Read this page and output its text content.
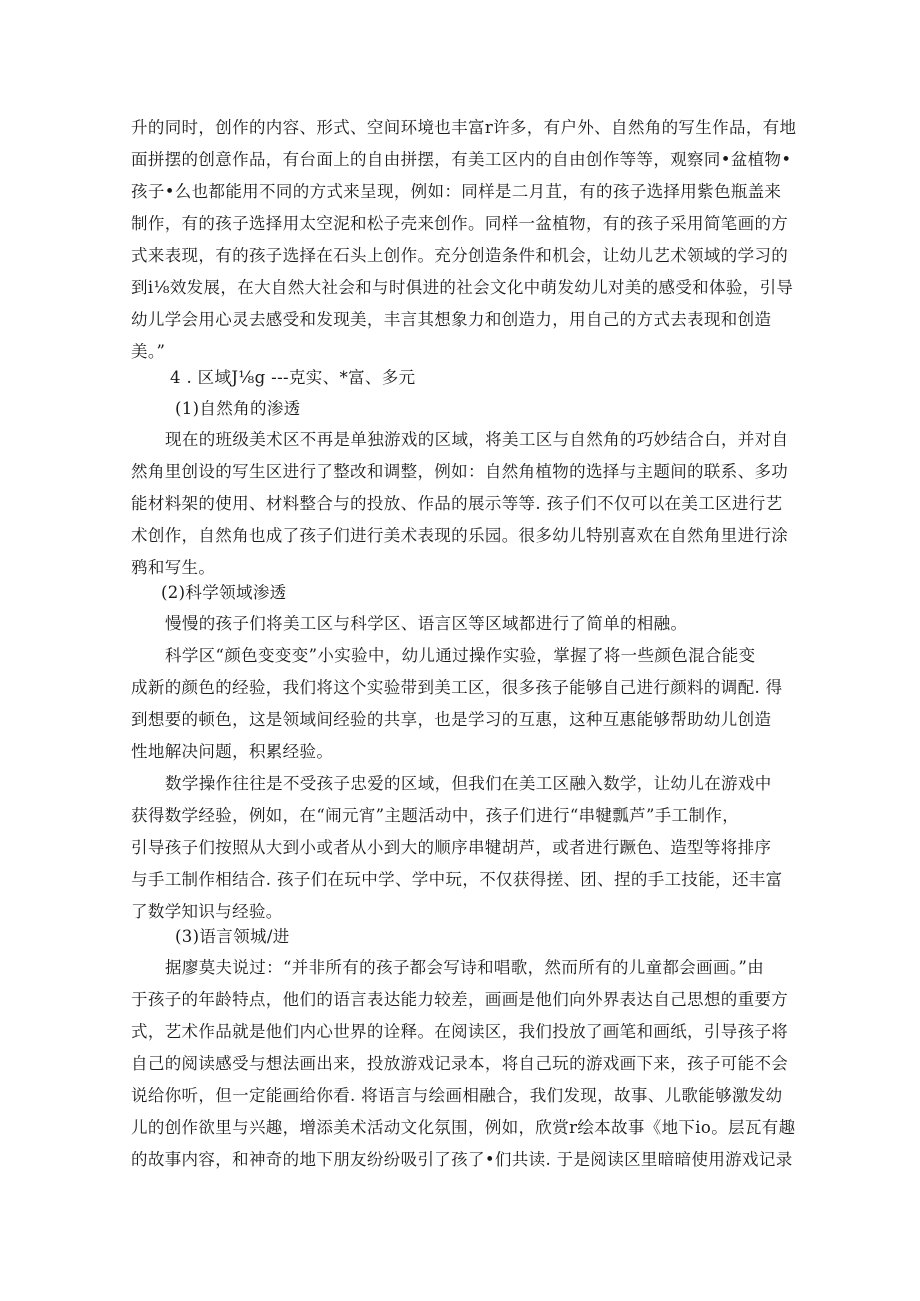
升的同时，创作的内容、形式、空间环境也丰富r许多，有户外、自然角的写生作品，有地
面拼摆的创意作品，有台面上的自由拼摆，有美工区内的自由创作等等，观察同•盆植物•
孩子•么也都能用不同的方式来呈现，例如：同样是二月苴，有的孩子选择用紫色瓶盖来
制作，有的孩子选择用太空泥和松子壳来创作。同样一盆植物，有的孩子采用简笔画的方
式来表现，有的孩子选择在石头上创作。充分创造条件和机会，让幼儿艺术领域的学习的
到i⅛效发展，在大自然大社会和与时俱进的社会文化中萌发幼儿对美的感受和体验，引导
幼儿学会用心灵去感受和发现美，丰言其想象力和创造力，用自己的方式去表现和创造
美。”
4 . 区域J⅛g ---克实、*富、多元
(1)自然角的渗透
现在的班级美术区不再是单独游戏的区域，将美工区与自然角的巧妙结合白，并对自
然角里创设的写生区进行了整改和调整，例如：自然角植物的选择与主题间的联系、多功
能材料架的使用、材料整合与的投放、作品的展示等等. 孩子们不仅可以在美工区进行艺
术创作，自然角也成了孩子们进行美术表现的乐园。很多幼儿特别喜欢在自然角里进行涂
鸦和写生。
(2)科学领域渗透
慢慢的孩子们将美工区与科学区、语言区等区域都进行了简单的相融。
科学区“颜色变变变”小实验中，幼儿通过操作实验，掌握了将一些颜色混合能变
成新的颜色的经验，我们将这个实验带到美工区，很多孩子能够自己进行颜料的调配. 得
到想要的顿色，这是领域间经验的共享，也是学习的互惠，这种互惠能够帮助幼儿创造
性地解决问题，积累经验。
数学操作往往是不受孩子忠爱的区域，但我们在美工区融入数学，让幼儿在游戏中
获得数学经验，例如，在“闹元宵”主题活动中，孩子们进行“串犍瓢芦”手工制作，
引导孩子们按照从大到小或者从小到大的顺序串犍胡芦，或者进行蹶色、造型等将排序
与手工制作相结合. 孩子们在玩中学、学中玩，不仅获得搓、团、捏的手工技能，还丰富
了数学知识与经验。
(3)语言领城/进
据廖莫夫说过：“并非所有的孩子都会写诗和唱歌，然而所有的儿童都会画画。”由
于孩子的年龄特点，他们的语言表达能力较差，画画是他们向外界表达自己思想的重要方
式，艺术作品就是他们内心世界的诠释。在阅读区，我们投放了画笔和画纸，引导孩子将
自己的阅读感受与想法画出来，投放游戏记录本，将自己玩的游戏画下来，孩子可能不会
说给你听，但一定能画给你看. 将语言与绘画相融合，我们发现，故事、儿歌能够激发幼
儿的创作欲里与兴趣，增添美术活动文化氛围，例如，欣赏r绘本故事《地下io。层瓦有趣
的故事内容，和神奇的地下朋友纷纷吸引了孩了•们共读. 于是阅读区里暗暗使用游戏记录
